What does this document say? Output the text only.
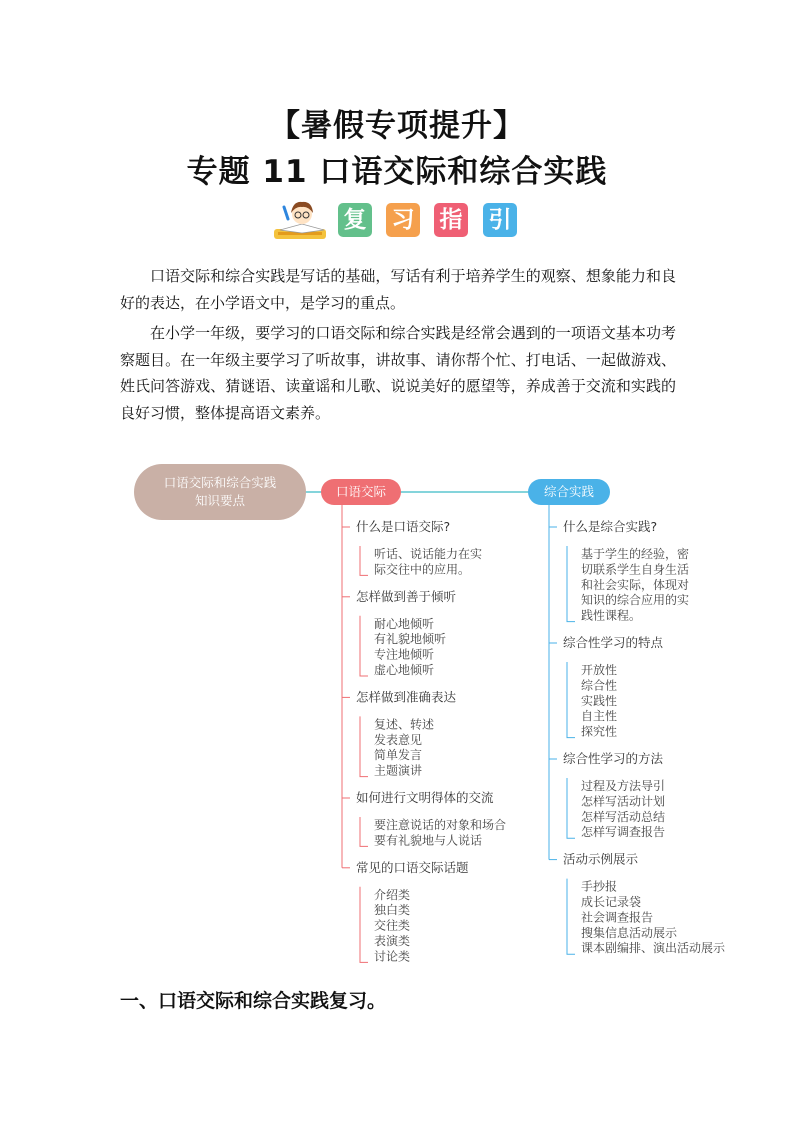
【暑假专项提升】
专题 11 口语交际和综合实践
复 习 指 引
口语交际和综合实践是写话的基础，写话有利于培养学生的观察、想象能力和良好的表达，在小学语文中，是学习的重点。
在小学一年级，要学习的口语交际和综合实践是经常会遇到的一项语文基本功考察题目。在一年级主要学习了听故事，讲故事、请你帮个忙、打电话、一起做游戏、姓氏问答游戏、猜谜语、读童谣和儿歌、说说美好的愿望等，养成善于交流和实践的良好习惯，整体提高语文素养。
口语交际和综合实践
知识要点
口语交际	综合实践
什么是口语交际?
听话、说话能力在实
际交往中的应用。
怎样做到善于倾听
耐心地倾听
有礼貌地倾听
专注地倾听
虚心地倾听
怎样做到准确表达
复述、转述
发表意见
简单发言
主题演讲
如何进行文明得体的交流
要注意说话的对象和场合
要有礼貌地与人说话
常见的口语交际话题
介绍类
独白类
交往类
表演类
讨论类
什么是综合实践?
基于学生的经验，密
切联系学生自身生活
和社会实际，体现对
知识的综合应用的实
践性课程。
综合性学习的特点
开放性
综合性
实践性
自主性
探究性
综合性学习的方法
过程及方法导引
怎样写活动计划
怎样写活动总结
怎样写调查报告
活动示例展示
手抄报
成长记录袋
社会调查报告
搜集信息活动展示
课本剧编排、演出活动展示
一、口语交际和综合实践复习。
